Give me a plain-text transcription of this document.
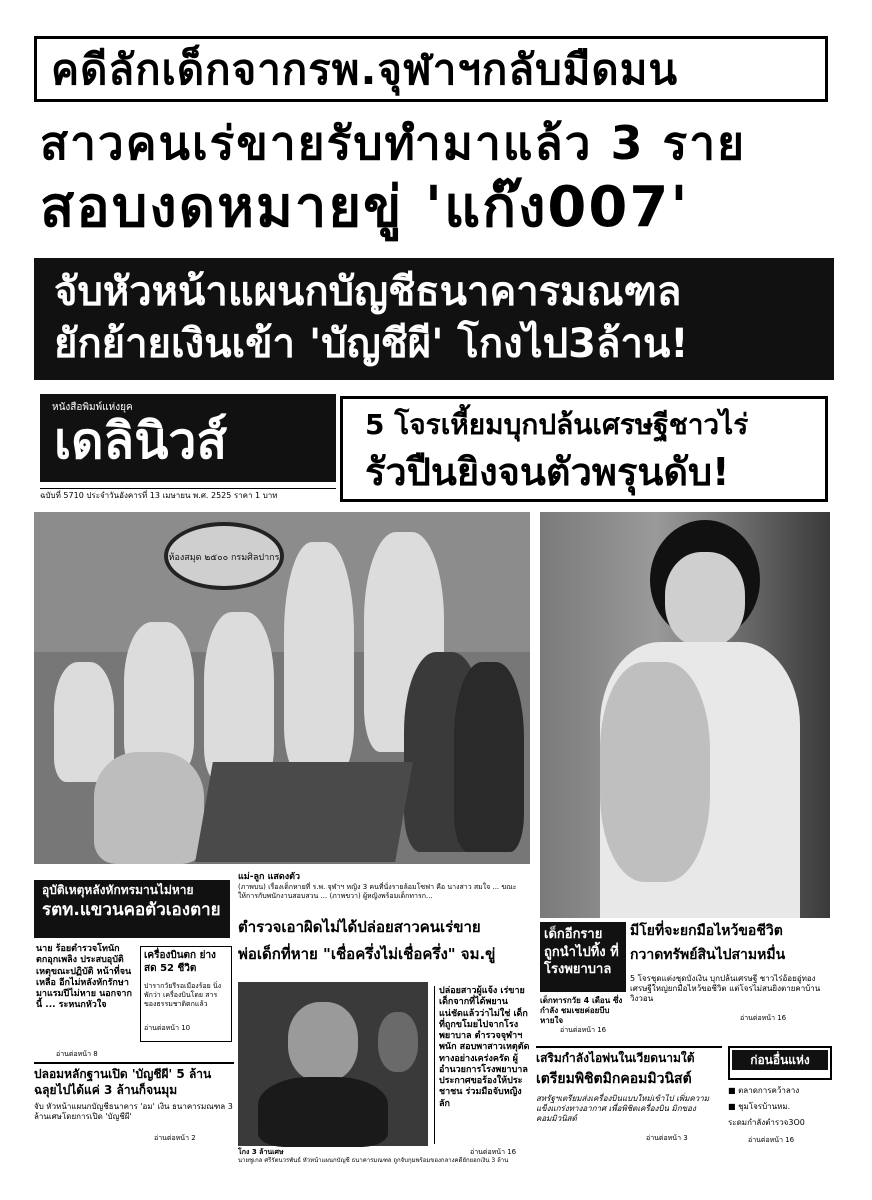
คดีลักเด็กจากรพ.จุฬาฯกลับมืดมน
สาวคนเร่ขายรับทำมาแล้ว 3 ราย
สอบงดหมายขู่ 'แก๊ง007'
จับหัวหน้าแผนกบัญชีธนาคารมณฑล
ยักย้ายเงินเข้า 'บัญชีผี' โกงไป3ล้าน!
หนังสือพิมพ์แห่งยุค
เดลินิวส์
ฉบับที่ 5710 ประจำวันอังคารที่ 13 เมษายน พ.ศ. 2525 ราคา 1 บาท
5 โจรเหี้ยมบุกปล้นเศรษฐีชาวไร่
รัวปืนยิงจนตัวพรุนดับ!
ห้องสมุด ๒๕๐๐ กรมศิลปากร
แม่-ลูก แสดงตัว
(ภาพบน) เรื่องเด็กหายที่ ร.พ. จุฬาฯ หญิง 3 คนที่นั่งรายล้อมโซฟา คือ นางสาว สมใจ ... ขณะให้การกับพนักงานสอบสวน ... (ภาพขวา) ผู้หญิงพร้อมเด็กทารก...
อุบัติเหตุหลังหักทรมานไม่หาย
รตท.แขวนคอตัวเองตาย
นาย ร้อยตำรวจโทนัก ตกอุกเพลิง ประสบอุบัติ เหตุขณะปฏิบัติ หน้าที่จน เหลือ อีกไม่หลังหักรักษา มาแรมปีไม่หาย นอกจากนี้ ... ระหนกหัวใจ
อ่านต่อหน้า 8
เครื่องบินตก ย่างสด 52 ชีวิต
ปารากวัยรีรอเมืองร้อย นิ่งพักว่า เครื่องบินโดย สารของธรรมชาติตกแล้ว
อ่านต่อหน้า 10
ปลอมหลักฐานเปิด 'บัญชีผี' 5 ล้าน
ฉลุยไปได้แค่ 3 ล้านก็จนมุม
จับ หัวหน้าแผนกบัญชีธนาคาร 'อม' เงิน ธนาคารมณฑล 3 ล้านเศษโดยการเปิด 'บัญชีผี'
อ่านต่อหน้า 2
ตำรวจเอาผิดไม่ได้ปล่อยสาวคนเร่ขาย
พ่อเด็กที่หาย "เชื่อครึ่งไม่เชื่อครึ่ง" จม.ขู่
โกง 3 ล้านเศษ
นายชูเกล ศรีรัตนวรพันธ์ หัวหน้าแผนกบัญชี ธนาคารมณฑล ถูกจับกุมพร้อมของกลางคดียักยอกเงิน 3 ล้าน
ปล่อยสาวผู้แจ้ง เร่ขายเด็กจากที่ได้พยาน แน่ชัดแล้วว่าไม่ใช่ เด็กที่ถูกขโมยไปจากโรง พยาบาล ตำรวจจุฬาฯ พนัก สอบพาสาวเหตุตัด ทางอย่างเคร่งครัด ผู้ อำนวยการโรงพยาบาล ประกาศขอร้องให้ประ ชาชน ร่วมมือจับหญิงลัก
อ่านต่อหน้า 16
เด็กอีกราย ถูกนำไปทิ้ง ที่โรงพยาบาล
เด็กทารกวัย 4 เดือน ซึ่งกำลัง ชมเชยค่อยบีบหายใจ
อ่านต่อหน้า 16
มีโยที่จะยกมือไหว้ขอชีวิต
กวาดทรัพย์สินไปสามหมื่น
5 โจรชุดแต่งชุดบังเงิน บุกปล้นเศรษฐี ชาวไร่อ้อยอู่ทอง เศรษฐีใหญ่ยกมือไหว้ขอชีวิต แต่โจรไม่สนยิงตายคาบ้าน วิงวอน
อ่านต่อหน้า 16
เสริมกำลังไอพ่นในเวียดนามใต้
เตรียมพิชิตมิกคอมมิวนิสต์
สหรัฐฯเตรียมส่งเครื่องบินแบบใหม่เข้าไป เพิ่มความแข็งแกร่งทางอากาศ เพื่อพิชิตเครื่องบิน มิกของคอมมิวนิสต์
อ่านต่อหน้า 3
ก่อนอื่นแห่ง
■ ตลาดการคว้าลาง
■ ชุมโจรบ้านหม.
ระดมกำลังตำรวจ3O0
อ่านต่อหน้า 16
